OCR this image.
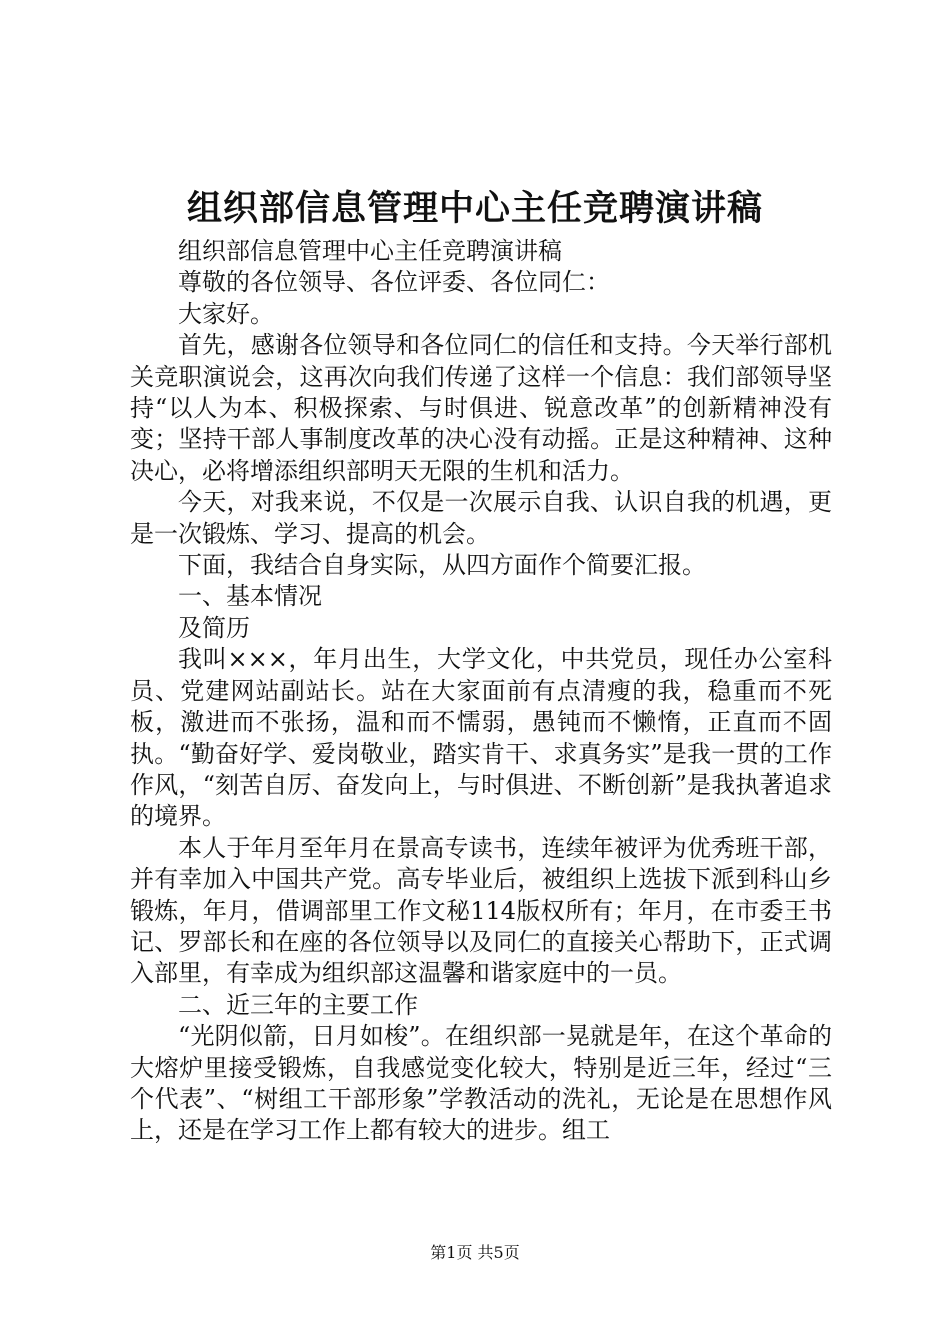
组织部信息管理中心主任竞聘演讲稿

组织部信息管理中心主任竞聘演讲稿

尊敬的各位领导、各位评委、各位同仁：

大家好。

首先，感谢各位领导和各位同仁的信任和支持。今天举行部机关竞职演说会，这再次向我们传递了这样一个信息：我们部领导坚持“以人为本、积极探索、与时俱进、锐意改革”的创新精神没有变；坚持干部人事制度改革的决心没有动摇。正是这种精神、这种决心，必将增添组织部明天无限的生机和活力。

今天，对我来说，不仅是一次展示自我、认识自我的机遇，更是一次锻炼、学习、提高的机会。

下面，我结合自身实际，从四方面作个简要汇报。

一、基本情况

及简历

我叫×××，年月出生，大学文化，中共党员，现任办公室科员、党建网站副站长。站在大家面前有点清瘦的我，稳重而不死板，激进而不张扬，温和而不懦弱，愚钝而不懒惰，正直而不固执。“勤奋好学、爱岗敬业，踏实肯干、求真务实”是我一贯的工作作风，“刻苦自厉、奋发向上，与时俱进、不断创新”是我执著追求的境界。

本人于年月至年月在景高专读书，连续年被评为优秀班干部，并有幸加入中国共产党。高专毕业后，被组织上选拔下派到科山乡锻炼，年月，借调部里工作文秘114版权所有；年月，在市委王书记、罗部长和在座的各位领导以及同仁的直接关心帮助下，正式调入部里，有幸成为组织部这温馨和谐家庭中的一员。

二、近三年的主要工作

“光阴似箭，日月如梭”。在组织部一晃就是年，在这个革命的大熔炉里接受锻炼，自我感觉变化较大，特别是近三年，经过“三个代表”、“树组工干部形象”学教活动的洗礼，无论是在思想作风上，还是在学习工作上都有较大的进步。组工

第1页 共5页
